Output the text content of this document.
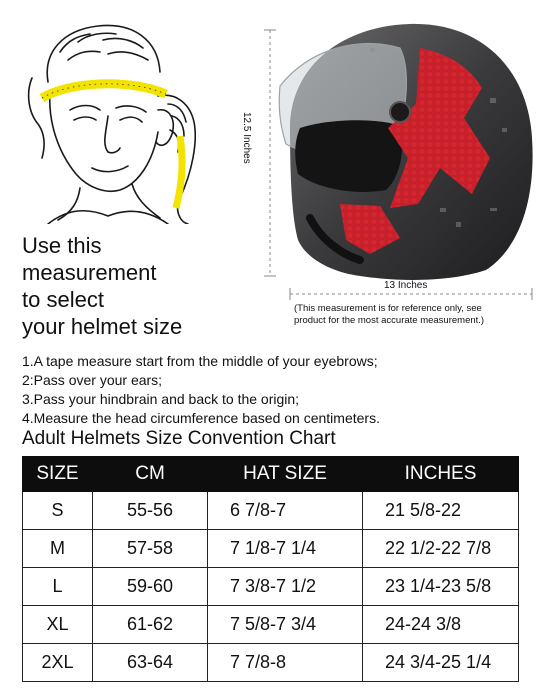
Use this
measurement
to select
your helmet size
12.5 Inches
13 Inches
(This measurement is for reference only, see
product for the most accurate measurement.)
1.A tape measure start from the middle of your eyebrows;
2:Pass over your ears;
3.Pass your hindbrain and back to the origin;
4.Measure the head circumference based on centimeters.
Adult Helmets Size Convention Chart
SIZE	CM	HAT SIZE	INCHES
S	55-56	6 7/8-7	21 5/8-22
M	57-58	7 1/8-7 1/4	22 1/2-22 7/8
L	59-60	7 3/8-7 1/2	23 1/4-23 5/8
XL	61-62	7 5/8-7 3/4	24-24 3/8
2XL	63-64	7 7/8-8	24 3/4-25 1/4
